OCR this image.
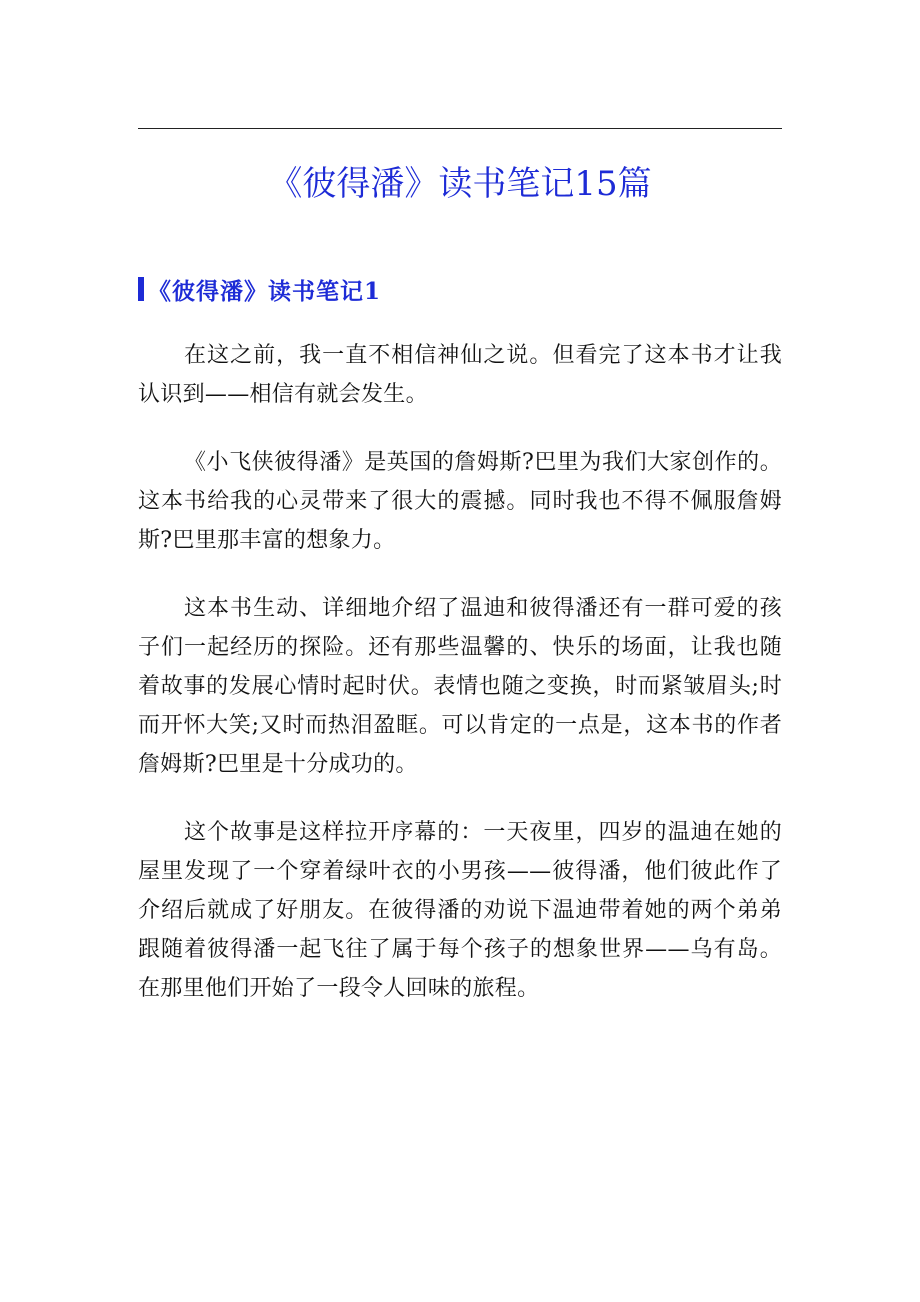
《彼得潘》读书笔记15篇
《彼得潘》读书笔记1

在这之前，我一直不相信神仙之说。但看完了这本书才让我认识到——相信有就会发生。

《小飞侠彼得潘》是英国的詹姆斯?巴里为我们大家创作的。这本书给我的心灵带来了很大的震撼。同时我也不得不佩服詹姆斯?巴里那丰富的想象力。

这本书生动、详细地介绍了温迪和彼得潘还有一群可爱的孩子们一起经历的探险。还有那些温馨的、快乐的场面，让我也随着故事的发展心情时起时伏。表情也随之变换，时而紧皱眉头;时而开怀大笑;又时而热泪盈眶。可以肯定的一点是，这本书的作者詹姆斯?巴里是十分成功的。

这个故事是这样拉开序幕的：一天夜里，四岁的温迪在她的屋里发现了一个穿着绿叶衣的小男孩——彼得潘，他们彼此作了介绍后就成了好朋友。在彼得潘的劝说下温迪带着她的两个弟弟跟随着彼得潘一起飞往了属于每个孩子的想象世界——乌有岛。在那里他们开始了一段令人回味的旅程。
